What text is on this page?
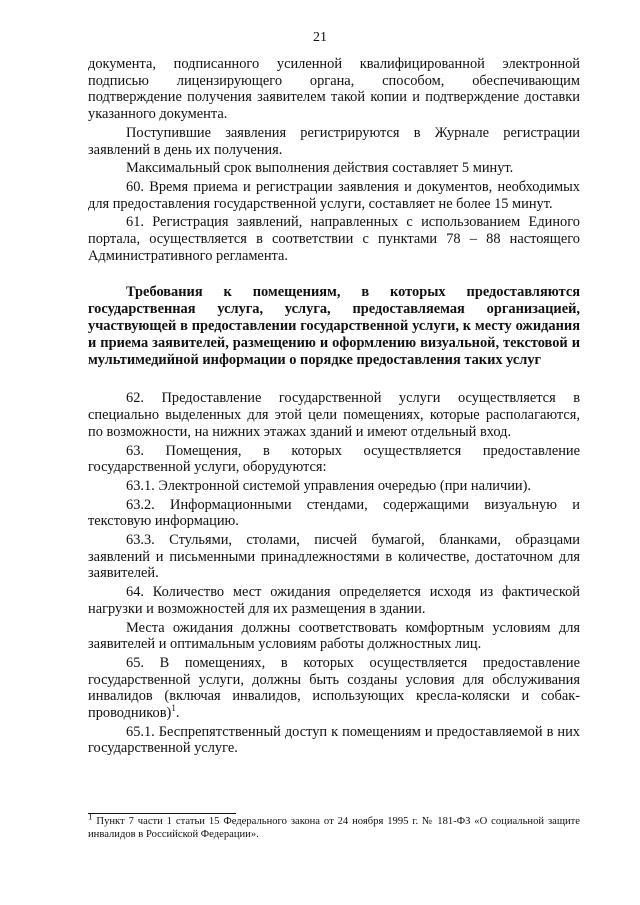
21

документа, подписанного усиленной квалифицированной электронной подписью лицензирующего органа, способом, обеспечивающим подтверждение получения заявителем такой копии и подтверждение доставки указанного документа.

Поступившие заявления регистрируются в Журнале регистрации заявлений в день их получения.

Максимальный срок выполнения действия составляет 5 минут.

60. Время приема и регистрации заявления и документов, необходимых для предоставления государственной услуги, составляет не более 15 минут.

61. Регистрация заявлений, направленных с использованием Единого портала, осуществляется в соответствии с пунктами 78 – 88 настоящего Административного регламента.

Требования к помещениям, в которых предоставляются государственная услуга, услуга, предоставляемая организацией, участвующей в предоставлении государственной услуги, к месту ожидания и приема заявителей, размещению и оформлению визуальной, текстовой и мультимедийной информации о порядке предоставления таких услуг

62. Предоставление государственной услуги осуществляется в специально выделенных для этой цели помещениях, которые располагаются, по возможности, на нижних этажах зданий и имеют отдельный вход.

63. Помещения, в которых осуществляется предоставление государственной услуги, оборудуются:

63.1. Электронной системой управления очередью (при наличии).

63.2. Информационными стендами, содержащими визуальную и текстовую информацию.

63.3. Стульями, столами, писчей бумагой, бланками, образцами заявлений и письменными принадлежностями в количестве, достаточном для заявителей.

64. Количество мест ожидания определяется исходя из фактической нагрузки и возможностей для их размещения в здании.

Места ожидания должны соответствовать комфортным условиям для заявителей и оптимальным условиям работы должностных лиц.

65. В помещениях, в которых осуществляется предоставление государственной услуги, должны быть созданы условия для обслуживания инвалидов (включая инвалидов, использующих кресла-коляски и собак-проводников)$^1$.

65.1. Беспрепятственный доступ к помещениям и предоставляемой в них государственной услуге.

$^1$ Пункт 7 части 1 статьи 15 Федерального закона от 24 ноября 1995 г. № 181-ФЗ «О социальной защите инвалидов в Российской Федерации».
